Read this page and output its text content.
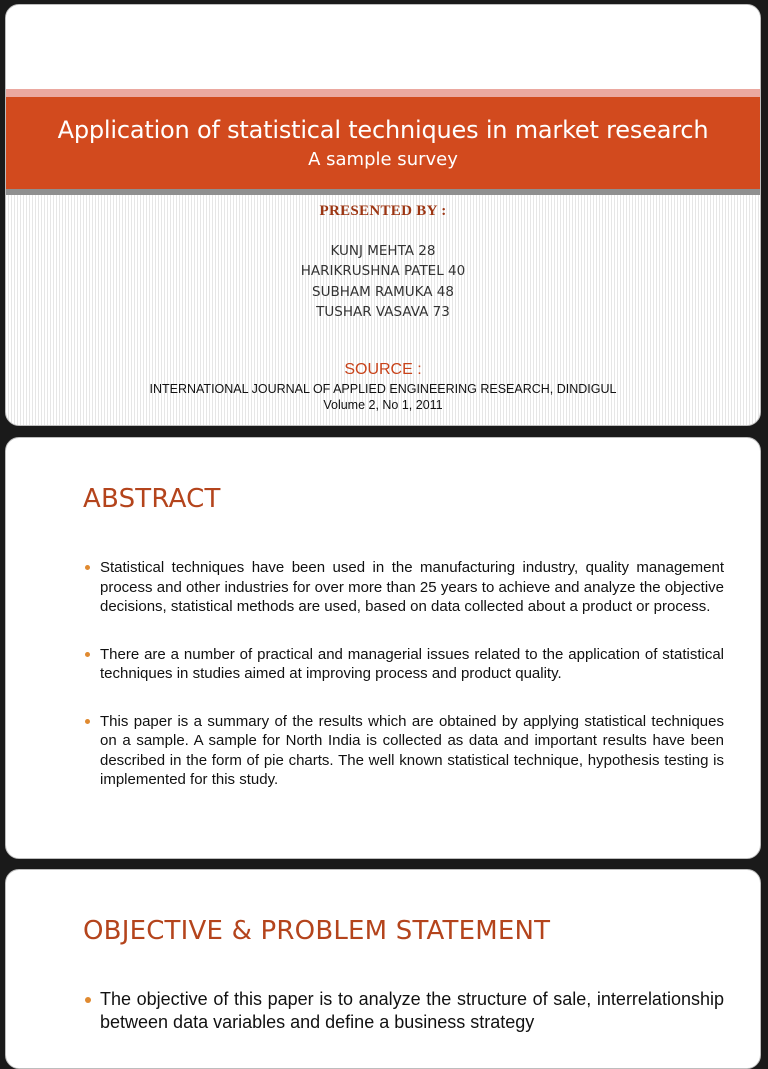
Application of statistical techniques in market research
A sample survey
PRESENTED BY :
KUNJ MEHTA 28
HARIKRUSHNA PATEL 40
SUBHAM RAMUKA 48
TUSHAR VASAVA 73
SOURCE :
INTERNATIONAL JOURNAL OF APPLIED ENGINEERING RESEARCH, DINDIGUL
Volume 2, No 1, 2011
ABSTRACT
Statistical techniques have been used in the manufacturing industry, quality management process and other industries for over more than 25 years to achieve and analyze the objective decisions, statistical methods are used, based on data collected about a product or process.
There are a number of practical and managerial issues related to the application of statistical techniques in studies aimed at improving process and product quality.
This paper is a summary of the results which are obtained by applying statistical techniques on a sample. A sample for North India is collected as data and important results have been described in the form of pie charts. The well known statistical technique, hypothesis testing is implemented for this study.
OBJECTIVE & PROBLEM STATEMENT
The objective of this paper is to analyze the structure of sale, interrelationship between data variables and define a business strategy
